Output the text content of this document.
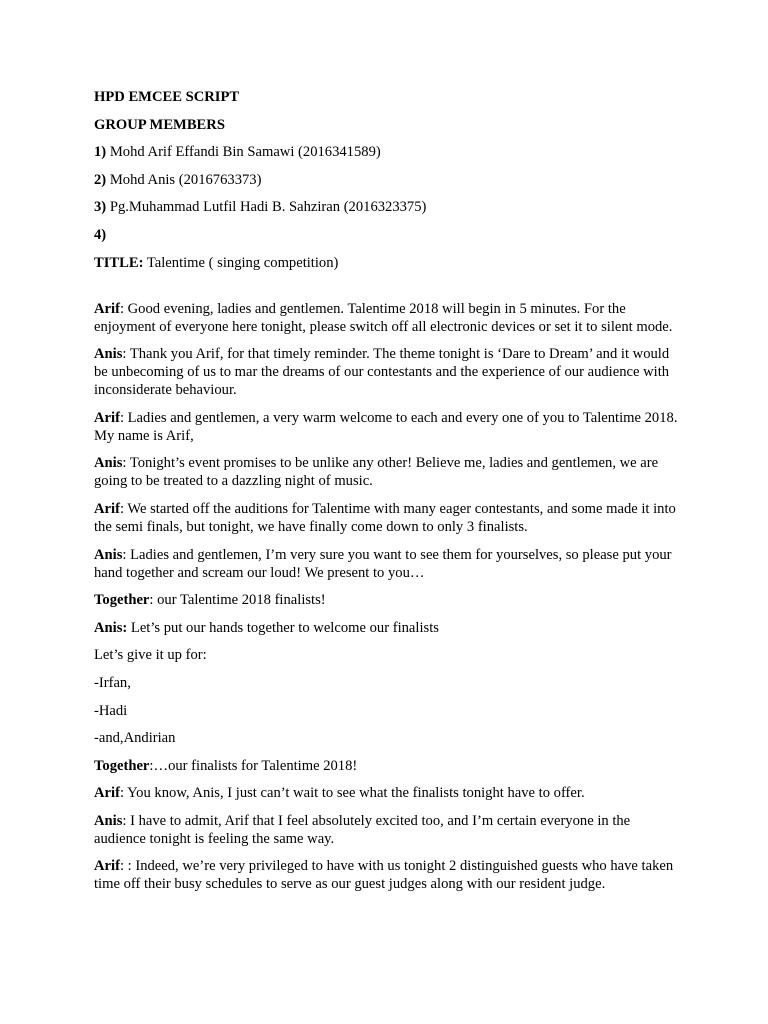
HPD EMCEE SCRIPT

GROUP MEMBERS

1) Mohd Arif Effandi Bin Samawi (2016341589)

2) Mohd Anis (2016763373)

3) Pg.Muhammad Lutfil Hadi B. Sahziran (2016323375)

4)

TITLE: Talentime ( singing competition)

Arif: Good evening, ladies and gentlemen. Talentime 2018 will begin in 5 minutes. For the enjoyment of everyone here tonight, please switch off all electronic devices or set it to silent mode.

Anis: Thank you Arif, for that timely reminder. The theme tonight is ‘Dare to Dream’ and it would be unbecoming of us to mar the dreams of our contestants and the experience of our audience with inconsiderate behaviour.

Arif: Ladies and gentlemen, a very warm welcome to each and every one of you to Talentime 2018. My name is Arif,

Anis: Tonight’s event promises to be unlike any other! Believe me, ladies and gentlemen, we are going to be treated to a dazzling night of music.

Arif: We started off the auditions for Talentime with many eager contestants, and some made it into the semi finals, but tonight, we have finally come down to only 3 finalists.

Anis: Ladies and gentlemen, I’m very sure you want to see them for yourselves, so please put your hand together and scream our loud! We present to you…

Together: our Talentime 2018 finalists!

Anis: Let’s put our hands together to welcome our finalists

Let’s give it up for:

-Irfan,

-Hadi

-and,Andirian

Together:…our finalists for Talentime 2018!

Arif: You know, Anis, I just can’t wait to see what the finalists tonight have to offer.

Anis: I have to admit, Arif that I feel absolutely excited too, and I’m certain everyone in the audience tonight is feeling the same way.

Arif: : Indeed, we’re very privileged to have with us tonight 2 distinguished guests who have taken time off their busy schedules to serve as our guest judges along with our resident judge.
